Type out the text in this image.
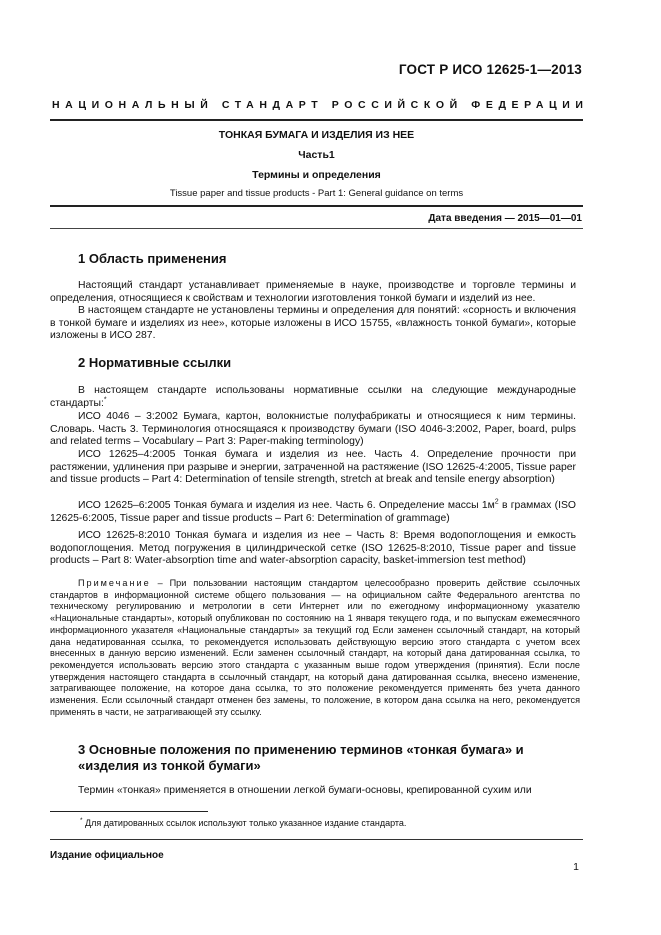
ГОСТ Р ИСО 12625-1—2013
НАЦИОНАЛЬНЫЙ СТАНДАРТ РОССИЙСКОЙ ФЕДЕРАЦИИ
ТОНКАЯ БУМАГА И ИЗДЕЛИЯ ИЗ НЕЕ
Часть1
Термины и определения
Tissue paper and tissue products - Part 1: General guidance on terms
Дата введения — 2015—01—01
1 Область применения
Настоящий стандарт устанавливает применяемые в науке, производстве и торговле термины и определения, относящиеся к свойствам и технологии изготовления тонкой бумаги и изделий из нее.
В настоящем стандарте не установлены термины и определения для понятий: «сорность и включения в тонкой бумаге и изделиях из нее», которые изложены в ИСО 15755, «влажность тонкой бумаги», которые изложены в ИСО 287.
2 Нормативные ссылки
В настоящем стандарте использованы нормативные ссылки на следующие международные стандарты:*
ИСО 4046 – 3:2002 Бумага, картон, волокнистые полуфабрикаты и относящиеся к ним термины. Словарь. Часть 3. Терминология относящаяся к производству бумаги (ISO 4046-3:2002, Paper, board, pulps and related terms – Vocabulary – Part 3: Paper-making terminology)
ИСО 12625–4:2005 Тонкая бумага и изделия из нее. Часть 4. Определение прочности при растяжении, удлинения при разрыве и энергии, затраченной на растяжение (ISO 12625-4:2005, Tissue paper and tissue products – Part 4: Determination of tensile strength, stretch at break and tensile energy absorption)
ИСО 12625–6:2005 Тонкая бумага и изделия из нее. Часть 6. Определение массы $1м^2$ в граммах (ISO 12625-6:2005, Tissue paper and tissue products – Part 6: Determination of grammage)
ИСО 12625-8:2010 Тонкая бумага и изделия из нее – Часть 8: Время водопоглощения и емкость водопоглощения. Метод погружения в цилиндрической сетке (ISO 12625-8:2010, Tissue paper and tissue products – Part 8: Water-absorption time and water-absorption capacity, basket-immersion test method)
Примечание – При пользовании настоящим стандартом целесообразно проверить действие ссылочных стандартов в информационной системе общего пользования — на официальном сайте Федерального агентства по техническому регулированию и метрологии в сети Интернет или по ежегодному информационному указателю «Национальные стандарты», который опубликован по состоянию на 1 января текущего года, и по выпускам ежемесячного информационного указателя «Национальные стандарты» за текущий год Если заменен ссылочный стандарт, на который дана недатированная ссылка, то рекомендуется использовать действующую версию этого стандарта с учетом всех внесенных в данную версию изменений. Если заменен ссылочный стандарт, на который дана датированная ссылка, то рекомендуется использовать версию этого стандарта с указанным выше годом утверждения (принятия). Если после утверждения настоящего стандарта в ссылочный стандарт, на который дана датированная ссылка, внесено изменение, затрагивающее положение, на которое дана ссылка, то это положение рекомендуется применять без учета данного изменения. Если ссылочный стандарт отменен без замены, то положение, в котором дана ссылка на него, рекомендуется применять в части, не затрагивающей эту ссылку.
3 Основные положения по применению терминов «тонкая бумага» и
«изделия из тонкой бумаги»
Термин «тонкая» применяется в отношении легкой бумаги-основы, крепированной сухим или
* Для датированных ссылок используют только указанное издание стандарта.
Издание официальное
1
